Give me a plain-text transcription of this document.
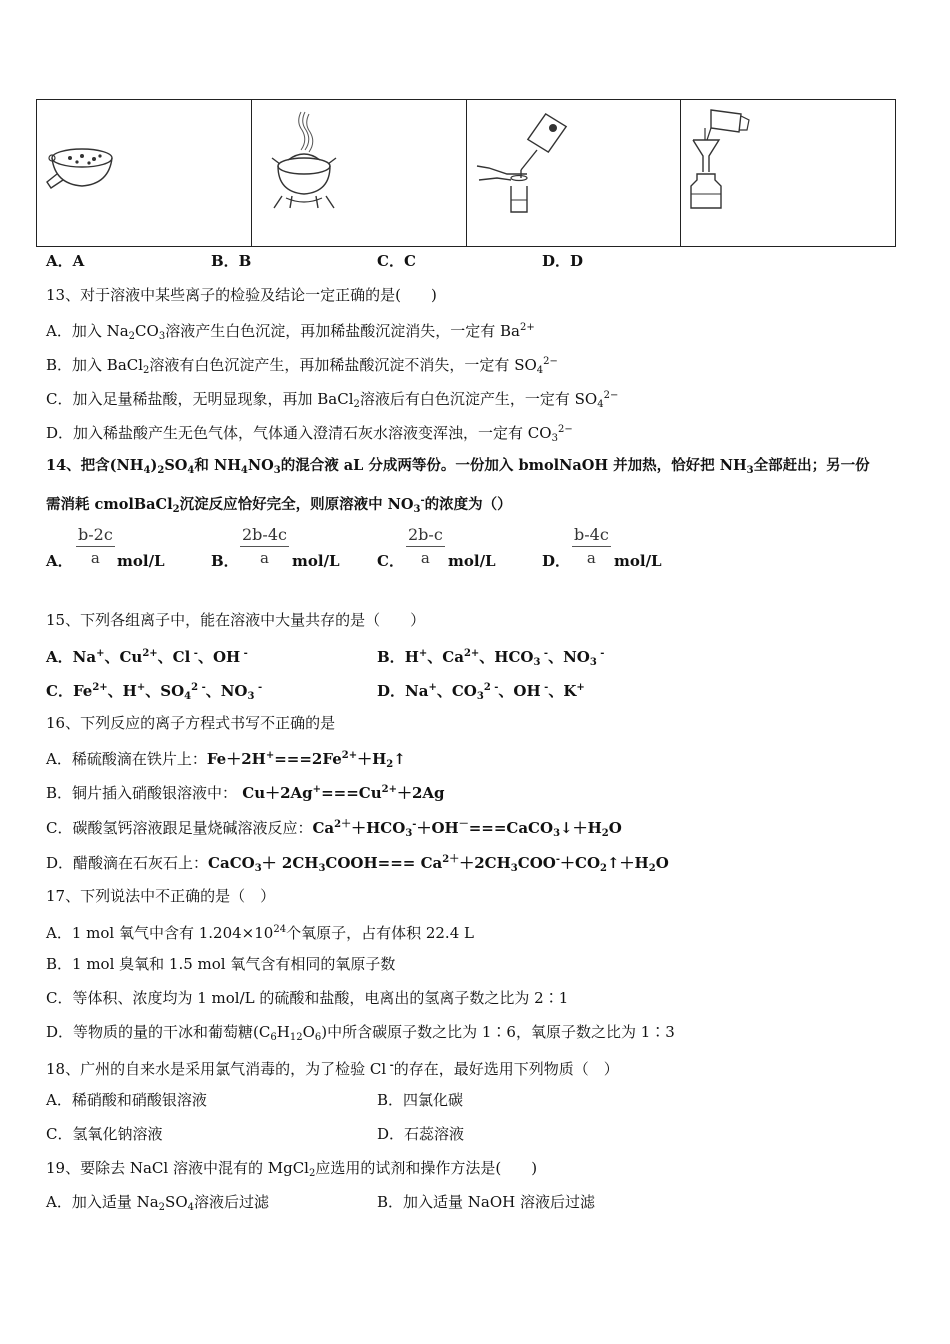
A．A	B．B	C．C	D．D
13、对于溶液中某些离子的检验及结论一定正确的是(　　)
A．加入 $Na_2CO_3$溶液产生白色沉淀，再加稀盐酸沉淀消失，一定有 $Ba^{2+}$
B．加入 BaCl$_2$溶液有白色沉淀产生，再加稀盐酸沉淀不消失，一定有 $SO_4^{2-}$
C．加入足量稀盐酸，无明显现象，再加 BaCl$_2$溶液后有白色沉淀产生，一定有 $SO_4^{2-}$
D．加入稀盐酸产生无色气体，气体通入澄清石灰水溶液变浑浊，一定有 $CO_3^{2-}$
14、把含$(NH_4)_2SO_4$和 $NH_4NO_3$的混合液 aL 分成两等份。一份加入 bmolNaOH 并加热，恰好把 $NH_3$全部赶出；另一份
需消耗 cmolBaCl$_2$沉淀反应恰好完全，则原溶液中 $NO_3^-$的浓度为（）
A． $\frac{b-2c}{a} mol/L$	B． $\frac{2b-4c}{a} mol/L$ C． $\frac{2b-c}{a} mol/L$	D． $\frac{b-4c}{a} mol/L$
15、下列各组离子中，能在溶液中大量共存的是（　　）
A．Na+、$Cu^{2+}$、Cl -、OH -	B．H+、$Ca^{2+}$、$HCO_3$ -、$NO_3$ -
C．$Fe^{2+}$、H+、$SO_4^{2 -}$、$NO_3$ -	D．Na+、$CO_3^{2 -}$、OH -、K+
16、下列反应的离子方程式书写不正确的是
A．稀硫酸滴在铁片上：$Fe+2H^+===2Fe^{2+}+H_2↑$
B．铜片插入硝酸银溶液中： $Cu+2Ag^+===Cu^{2+}+2Ag$
C．碳酸氢钙溶液跟足量烧碱溶液反应：$Ca^{2+}+HCO_3^-+OH^-===CaCO_3↓+H_2O$
D．醋酸滴在石灰石上：CaCO$_3$＋ $2CH_3COOH===$ $Ca^{2+}+2CH_3COO^-+CO_2↑+H_2O$
17、下列说法中不正确的是（　）
A．1 mol 氧气中含有 $1.204\times 10^{24}$个氧原子，占有体积 22.4 L
B．1 mol 臭氧和 1.5 mol 氧气含有相同的氧原子数
C．等体积、浓度均为 1 mol/L 的硫酸和盐酸，电离出的氢离子数之比为 2∶1
D．等物质的量的干冰和葡萄糖$(C_6H_{12}O_6)$中所含碳原子数之比为 1∶6，氧原子数之比为 1∶3
18、广州的自来水是采用氯气消毒的，为了检验 Cl -的存在，最好选用下列物质（　）
A．稀硝酸和硝酸银溶液	B．四氯化碳
C．氢氧化钠溶液	D．石蕊溶液
19、要除去 NaCl 溶液中混有的 MgCl$_2$应选用的试剂和操作方法是(　　)
A．加入适量 $Na_2SO_4$溶液后过滤	B．加入适量 NaOH 溶液后过滤
